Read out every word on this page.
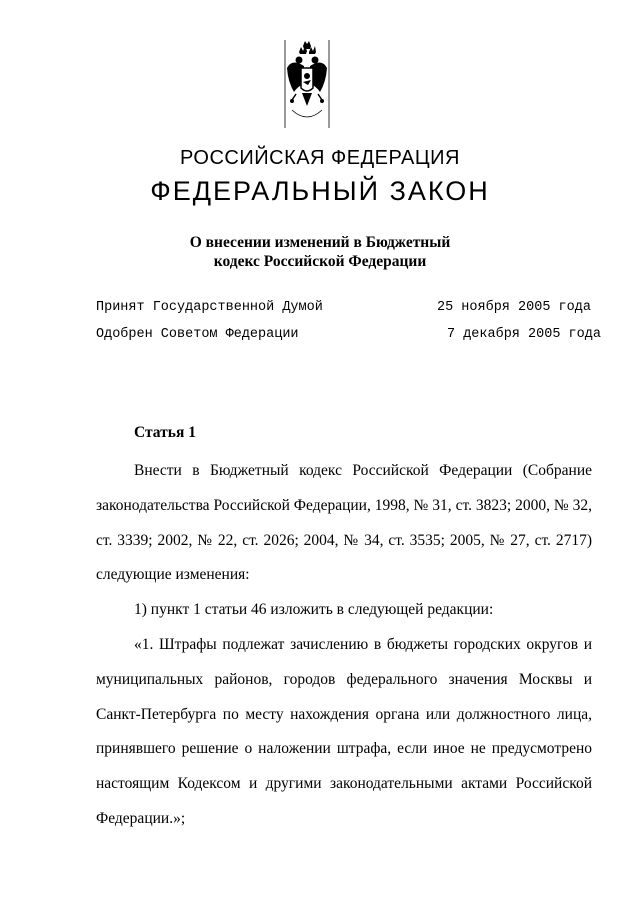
РОССИЙСКАЯ ФЕДЕРАЦИЯ
ФЕДЕРАЛЬНЫЙ ЗАКОН
О внесении изменений в Бюджетный
кодекс Российской Федерации
Принят Государственной Думой	25 ноября 2005 года
Одобрен Советом Федерации	7 декабря 2005 года
Статья 1

Внести в Бюджетный кодекс Российской Федерации (Собрание законодательства Российской Федерации, 1998, № 31, ст. 3823; 2000, № 32, ст. 3339; 2002, № 22, ст. 2026; 2004, № 34, ст. 3535; 2005, № 27, ст. 2717) следующие изменения:

1) пункт 1 статьи 46 изложить в следующей редакции:

«1. Штрафы подлежат зачислению в бюджеты городских округов и муниципальных районов, городов федерального значения Москвы и Санкт-Петербурга по месту нахождения органа или должностного лица, принявшего решение о наложении штрафа, если иное не предусмотрено настоящим Кодексом и другими законодательными актами Российской Федерации.»;
